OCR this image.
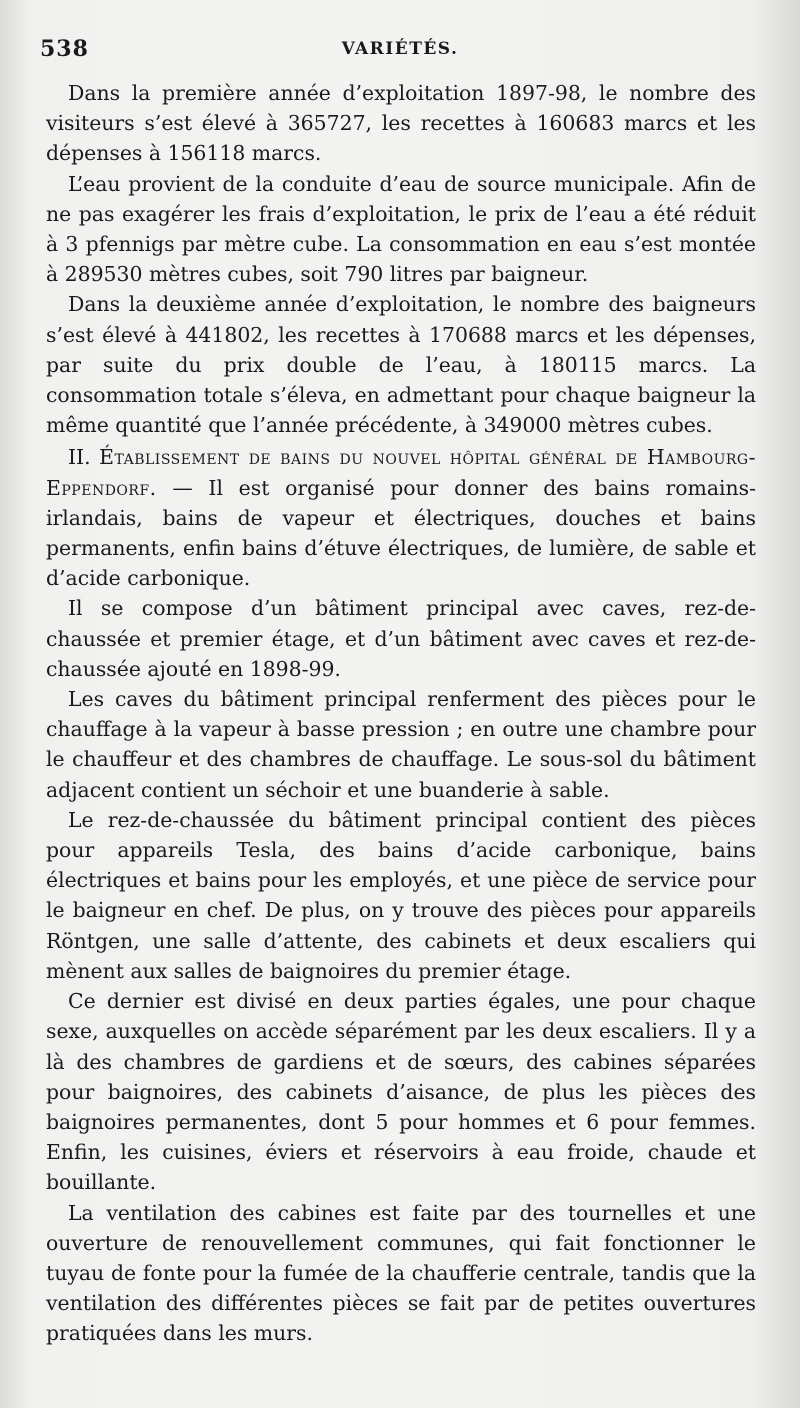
538	VARIÉTÉS.

Dans la première année d’exploitation 1897-98, le nombre des visiteurs s’est élevé à 365727, les recettes à 160683 marcs et les dépenses à 156118 marcs.

L’eau provient de la conduite d’eau de source municipale. Afin de ne pas exagérer les frais d’exploitation, le prix de l’eau a été réduit à 3 pfennigs par mètre cube. La consommation en eau s’est montée à 289530 mètres cubes, soit 790 litres par baigneur.

Dans la deuxième année d’exploitation, le nombre des baigneurs s’est élevé à 441802, les recettes à 170688 marcs et les dépenses, par suite du prix double de l’eau, à 180115 marcs. La consommation totale s’éleva, en admettant pour chaque baigneur la même quantité que l’année précédente, à 349000 mètres cubes.

II. Établissement de bains du nouvel hôpital général de Hambourg-Eppendorf. — Il est organisé pour donner des bains romains-irlandais, bains de vapeur et électriques, douches et bains permanents, enfin bains d’étuve électriques, de lumière, de sable et d’acide carbonique.

Il se compose d’un bâtiment principal avec caves, rez-de-chaussée et premier étage, et d’un bâtiment avec caves et rez-de-chaussée ajouté en 1898-99.

Les caves du bâtiment principal renferment des pièces pour le chauffage à la vapeur à basse pression ; en outre une chambre pour le chauffeur et des chambres de chauffage. Le sous-sol du bâtiment adjacent contient un séchoir et une buanderie à sable.

Le rez-de-chaussée du bâtiment principal contient des pièces pour appareils Tesla, des bains d’acide carbonique, bains électriques et bains pour les employés, et une pièce de service pour le baigneur en chef. De plus, on y trouve des pièces pour appareils Röntgen, une salle d’attente, des cabinets et deux escaliers qui mènent aux salles de baignoires du premier étage.

Ce dernier est divisé en deux parties égales, une pour chaque sexe, auxquelles on accède séparément par les deux escaliers. Il y a là des chambres de gardiens et de sœurs, des cabines séparées pour baignoires, des cabinets d’aisance, de plus les pièces des baignoires permanentes, dont 5 pour hommes et 6 pour femmes. Enfin, les cuisines, éviers et réservoirs à eau froide, chaude et bouillante.

La ventilation des cabines est faite par des tournelles et une ouverture de renouvellement communes, qui fait fonctionner le tuyau de fonte pour la fumée de la chaufferie centrale, tandis que la ventilation des différentes pièces se fait par de petites ouvertures pratiquées dans les murs.
